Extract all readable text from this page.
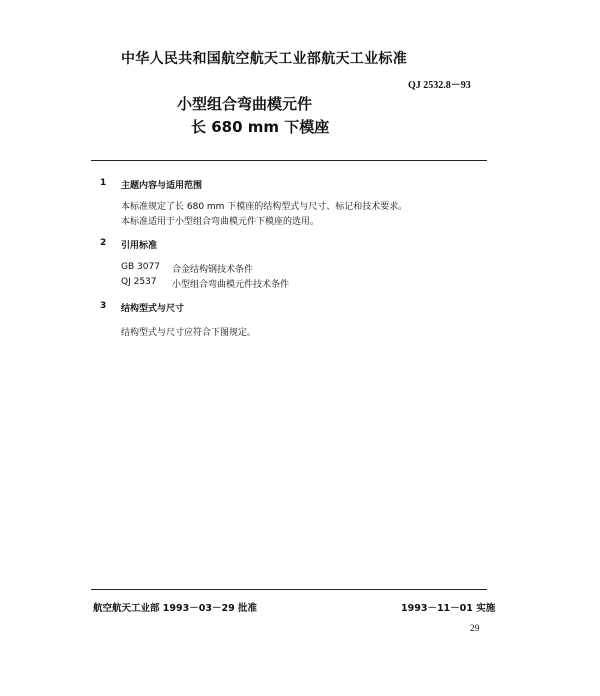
中华人民共和国航空航天工业部航天工业标准
QJ 2532.8－93
小型组合弯曲模元件
长 680 mm 下模座
1 主题内容与适用范围
本标准规定了长 680 mm 下模座的结构型式与尺寸、标记和技术要求。
本标准适用于小型组合弯曲模元件下模座的选用。
2 引用标准
GB 3077 合金结构钢技术条件
QJ 2537 小型组合弯曲模元件技术条件
3 结构型式与尺寸
结构型式与尺寸应符合下图规定。
航空航天工业部 1993－03－29 批准	1993－11－01 实施
29
